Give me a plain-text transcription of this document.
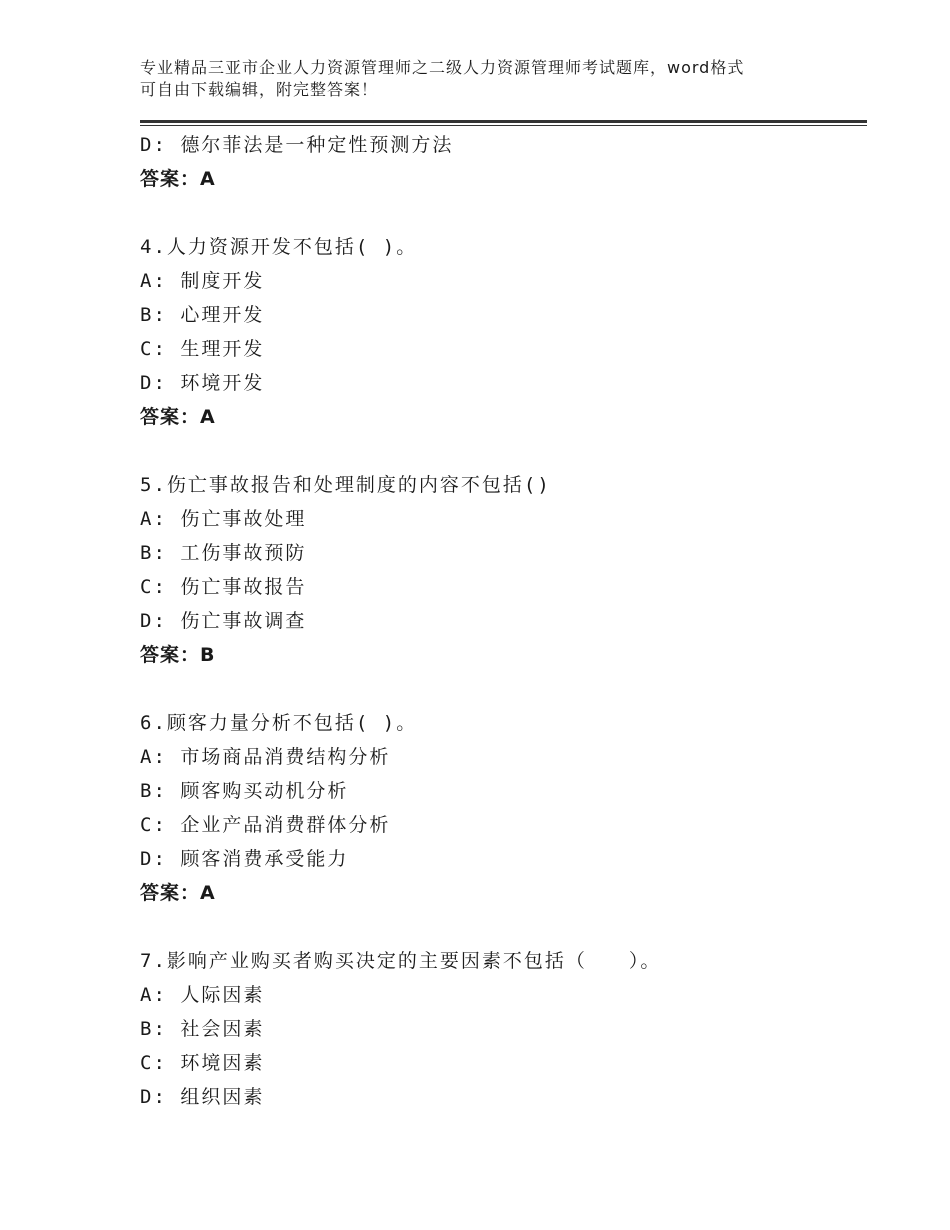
专业精品三亚市企业人力资源管理师之二级人力资源管理师考试题库，word格式
可自由下载编辑，附完整答案！
D: 德尔菲法是一种定性预测方法
答案：A
4.人力资源开发不包括( )。
A: 制度开发
B: 心理开发
C: 生理开发
D: 环境开发
答案：A
5.伤亡事故报告和处理制度的内容不包括()
A: 伤亡事故处理
B: 工伤事故预防
C: 伤亡事故报告
D: 伤亡事故调查
答案：B
6.顾客力量分析不包括( )。
A: 市场商品消费结构分析
B: 顾客购买动机分析
C: 企业产品消费群体分析
D: 顾客消费承受能力
答案：A
7.影响产业购买者购买决定的主要因素不包括（　　）。
A: 人际因素
B: 社会因素
C: 环境因素
D: 组织因素
